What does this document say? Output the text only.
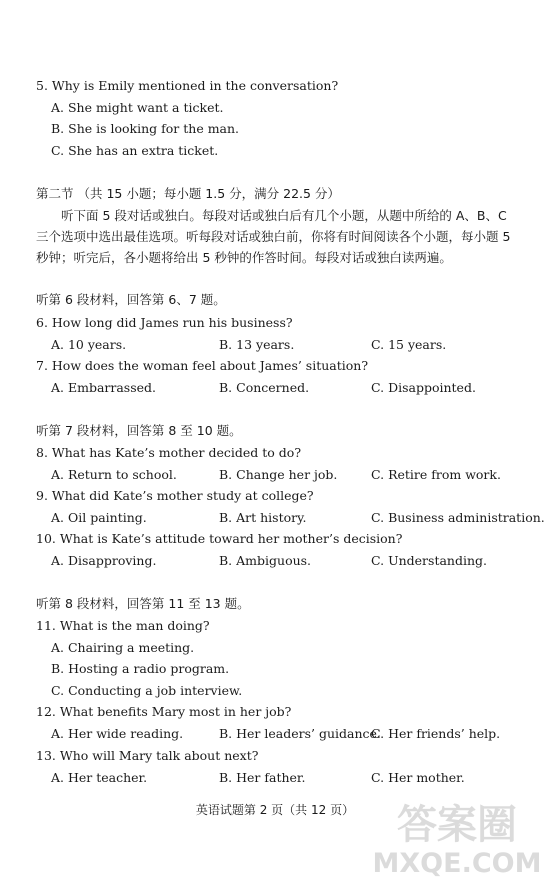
5. Why is Emily mentioned in the conversation?
A. She might want a ticket.
B. She is looking for the man.
C. She has an extra ticket.
第二节 （共 15 小题；每小题 1.5 分，满分 22.5 分）
听下面 5 段对话或独白。每段对话或独白后有几个小题，从题中所给的 A、B、C 三个选项中选出最佳选项。听每段对话或独白前，你将有时间阅读各个小题，每小题 5 秒钟；听完后，各小题将给出 5 秒钟的作答时间。每段对话或独白读两遍。
听第 6 段材料，回答第 6、7 题。
6. How long did James run his business?
A. 10 years.	B. 13 years.	C. 15 years.
7. How does the woman feel about James’ situation?
A. Embarrassed.	B. Concerned.	C. Disappointed.
听第 7 段材料，回答第 8 至 10 题。
8. What has Kate’s mother decided to do?
A. Return to school.	B. Change her job.	C. Retire from work.
9. What did Kate’s mother study at college?
A. Oil painting.	B. Art history.	C. Business administration.
10. What is Kate’s attitude toward her mother’s decision?
A. Disapproving.	B. Ambiguous.	C. Understanding.
听第 8 段材料，回答第 11 至 13 题。
11. What is the man doing?
A. Chairing a meeting.
B. Hosting a radio program.
C. Conducting a job interview.
12. What benefits Mary most in her job?
A. Her wide reading.	B. Her leaders’ guidance.
C. Her friends’ help.
13. Who will Mary talk about next?
A. Her teacher.	B. Her father.	C. Her mother.
英语试题第 2 页（共 12 页）	答案圈
MXQE.COM
